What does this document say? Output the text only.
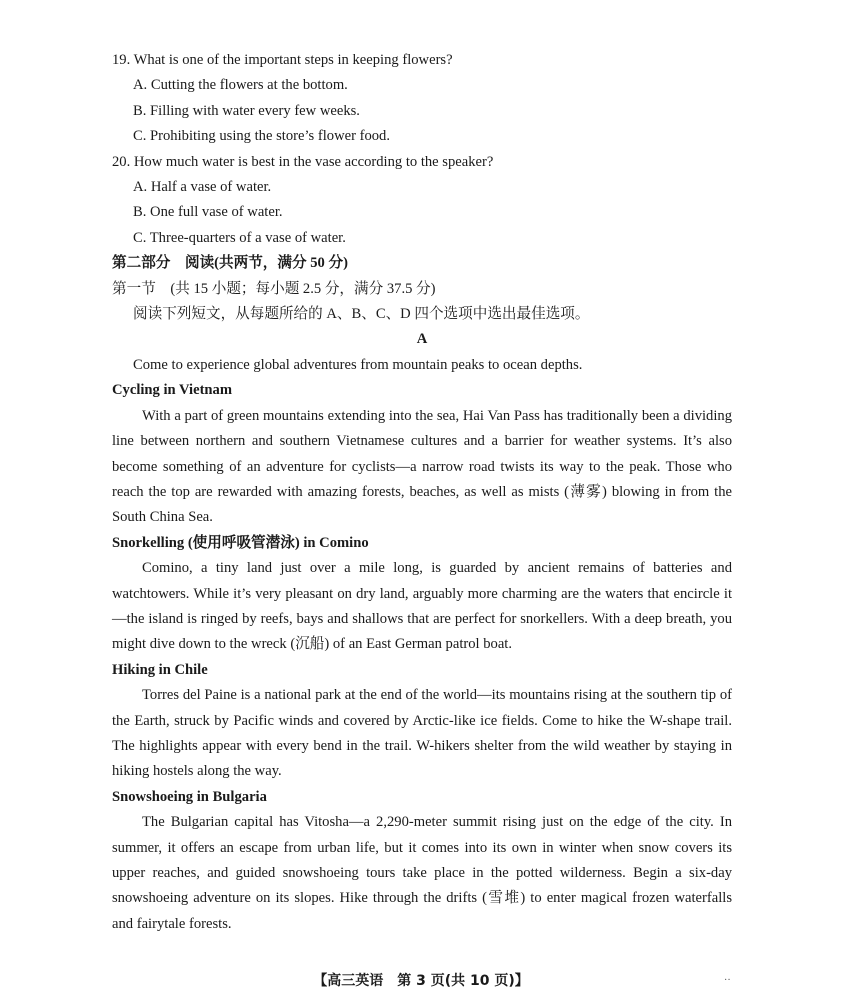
19. What is one of the important steps in keeping flowers?
A. Cutting the flowers at the bottom.
B. Filling with water every few weeks.
C. Prohibiting using the store’s flower food.
20. How much water is best in the vase according to the speaker?
A. Half a vase of water.
B. One full vase of water.
C. Three-quarters of a vase of water.
第二部分　阅读(共两节，满分 50 分)
第一节　(共 15 小题；每小题 2.5 分，满分 37.5 分)
阅读下列短文，从每题所给的 A、B、C、D 四个选项中选出最佳选项。
A
Come to experience global adventures from mountain peaks to ocean depths.
Cycling in Vietnam
With a part of green mountains extending into the sea, Hai Van Pass has traditionally been a dividing line between northern and southern Vietnamese cultures and a barrier for weather systems. It’s also become something of an adventure for cyclists—a narrow road twists its way to the peak. Those who reach the top are rewarded with amazing forests, beaches, as well as mists (薄雾) blowing in from the South China Sea.
Snorkelling (使用呼吸管潜泳) in Comino
Comino, a tiny land just over a mile long, is guarded by ancient remains of batteries and watchtowers. While it’s very pleasant on dry land, arguably more charming are the waters that encircle it—the island is ringed by reefs, bays and shallows that are perfect for snorkellers. With a deep breath, you might dive down to the wreck (沉船) of an East German patrol boat.
Hiking in Chile
Torres del Paine is a national park at the end of the world—its mountains rising at the southern tip of the Earth, struck by Pacific winds and covered by Arctic-like ice fields. Come to hike the W-shape trail. The highlights appear with every bend in the trail. W-hikers shelter from the wild weather by staying in hiking hostels along the way.
Snowshoeing in Bulgaria
The Bulgarian capital has Vitosha—a 2,290-meter summit rising just on the edge of the city. In summer, it offers an escape from urban life, but it comes into its own in winter when snow covers its upper reaches, and guided snowshoeing tours take place in the potted wilderness. Begin a six-day snowshoeing adventure on its slopes. Hike through the drifts (雪堆) to enter magical frozen waterfalls and fairytale forests.
【高三英语　第 3 页(共 10 页)】	··
